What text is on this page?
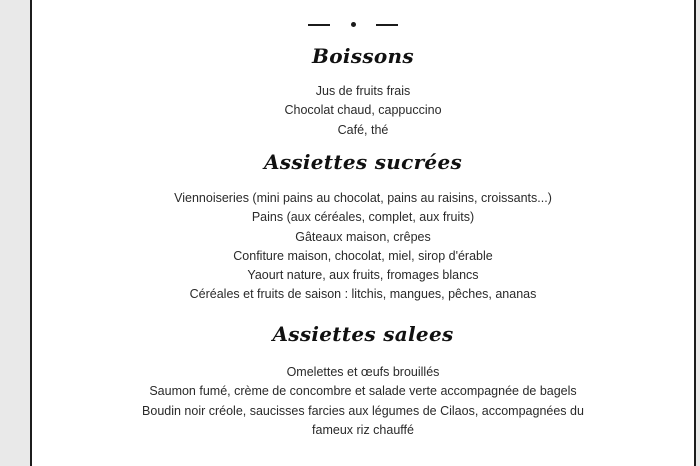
Boissons
Jus de fruits frais
Chocolat chaud, cappuccino
Café, thé
Assiettes sucrées
Viennoiseries (mini pains au chocolat, pains au raisins, croissants...)
Pains (aux céréales, complet, aux fruits)
Gâteaux maison, crêpes
Confiture maison, chocolat, miel, sirop d'érable
Yaourt nature, aux fruits, fromages blancs
Céréales et fruits de saison : litchis, mangues, pêches, ananas
Assiettes salees
Omelettes et œufs brouillés
Saumon fumé, crème de concombre et salade verte accompagnée de bagels
Boudin noir créole, saucisses farcies aux légumes de Cilaos, accompagnées du
fameux riz chauffé
